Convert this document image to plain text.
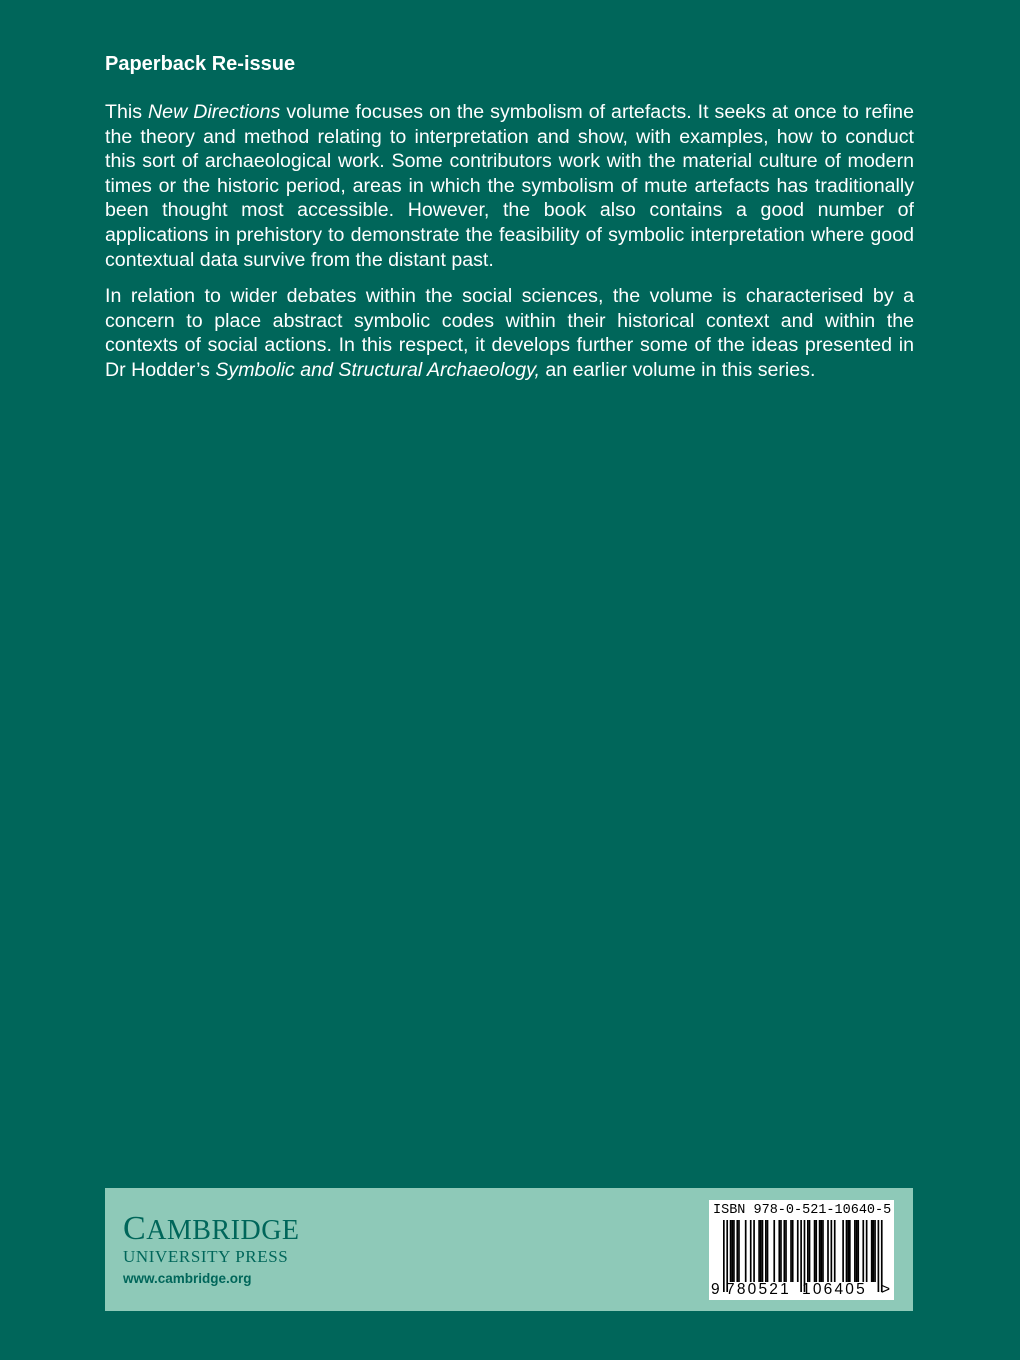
Paperback Re-issue

This New Directions volume focuses on the symbolism of artefacts. It seeks at once to refine the theory and method relating to interpretation and show, with examples, how to conduct this sort of archaeological work. Some contributors work with the material culture of modern times or the historic period, areas in which the symbolism of mute artefacts has traditionally been thought most accessible. However, the book also contains a good number of applications in prehistory to demonstrate the feasibility of symbolic interpretation where good contextual data survive from the distant past.

In relation to wider debates within the social sciences, the volume is characterised by a concern to place abstract symbolic codes within their historical context and within the contexts of social actions. In this respect, it develops further some of the ideas presented in Dr Hodder’s Symbolic and Structural Archaeology, an earlier volume in this series.

CAMBRIDGE
UNIVERSITY PRESS
www.cambridge.org
ISBN 978-0-521-10640-5
9 780521 106405 >
